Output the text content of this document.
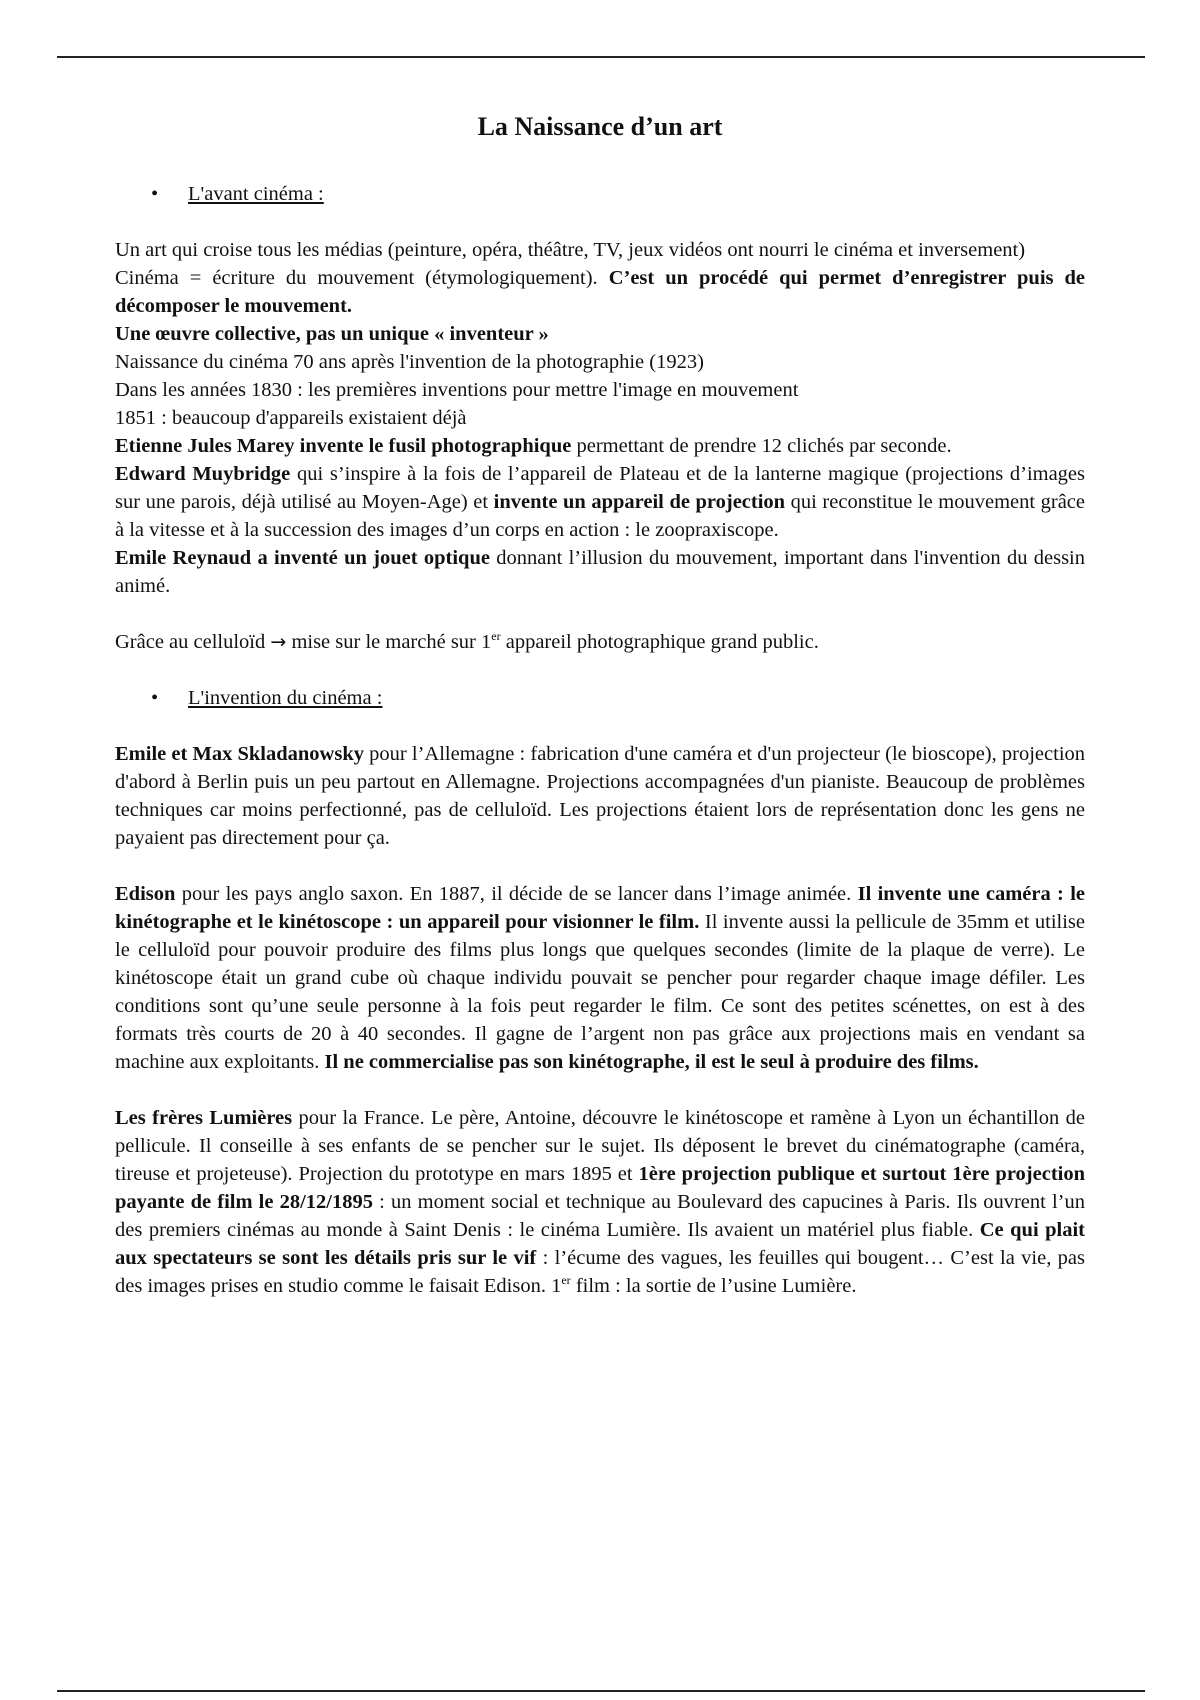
La Naissance d’un art
•	L'avant cinéma :

Un art qui croise tous les médias (peinture, opéra, théâtre, TV, jeux vidéos ont nourri le cinéma et inversement)

Cinéma = écriture du mouvement (étymologiquement). C’est un procédé qui permet d’enregistrer puis de décomposer le mouvement.

Une œuvre collective, pas un unique « inventeur »

Naissance du cinéma 70 ans après l'invention de la photographie (1923)

Dans les années 1830 : les premières inventions pour mettre l'image en mouvement

1851 : beaucoup d'appareils existaient déjà

Etienne Jules Marey invente le fusil photographique permettant de prendre 12 clichés par seconde.

Edward Muybridge qui s’inspire à la fois de l’appareil de Plateau et de la lanterne magique (projections d’images sur une parois, déjà utilisé au Moyen-Age) et invente un appareil de projection qui reconstitue le mouvement grâce à la vitesse et à la succession des images d’un corps en action : le zoopraxiscope.

Emile Reynaud a inventé un jouet optique donnant l’illusion du mouvement, important dans l'invention du dessin animé.

Grâce au celluloïd → mise sur le marché sur 1er appareil photographique grand public.

•	L'invention du cinéma :

Emile et Max Skladanowsky pour l’Allemagne : fabrication d'une caméra et d'un projecteur (le bioscope), projection d'abord à Berlin puis un peu partout en Allemagne. Projections accompagnées d'un pianiste. Beaucoup de problèmes techniques car moins perfectionné, pas de celluloïd. Les projections étaient lors de représentation donc les gens ne payaient pas directement pour ça.

Edison pour les pays anglo saxon. En 1887, il décide de se lancer dans l’image animée. Il invente une caméra : le kinétographe et le kinétoscope : un appareil pour visionner le film. Il invente aussi la pellicule de 35mm et utilise le celluloïd pour pouvoir produire des films plus longs que quelques secondes (limite de la plaque de verre). Le kinétoscope était un grand cube où chaque individu pouvait se pencher pour regarder chaque image défiler. Les conditions sont qu’une seule personne à la fois peut regarder le film. Ce sont des petites scénettes, on est à des formats très courts de 20 à 40 secondes. Il gagne de l’argent non pas grâce aux projections mais en vendant sa machine aux exploitants. Il ne commercialise pas son kinétographe, il est le seul à produire des films.

Les frères Lumières pour la France. Le père, Antoine, découvre le kinétoscope et ramène à Lyon un échantillon de pellicule. Il conseille à ses enfants de se pencher sur le sujet. Ils déposent le brevet du cinématographe (caméra, tireuse et projeteuse). Projection du prototype en mars 1895 et 1ère projection publique et surtout 1ère projection payante de film le 28/12/1895 : un moment social et technique au Boulevard des capucines à Paris. Ils ouvrent l’un des premiers cinémas au monde à Saint Denis : le cinéma Lumière. Ils avaient un matériel plus fiable. Ce qui plait aux spectateurs se sont les détails pris sur le vif : l’écume des vagues, les feuilles qui bougent… C’est la vie, pas des images prises en studio comme le faisait Edison. 1er film : la sortie de l’usine Lumière.
